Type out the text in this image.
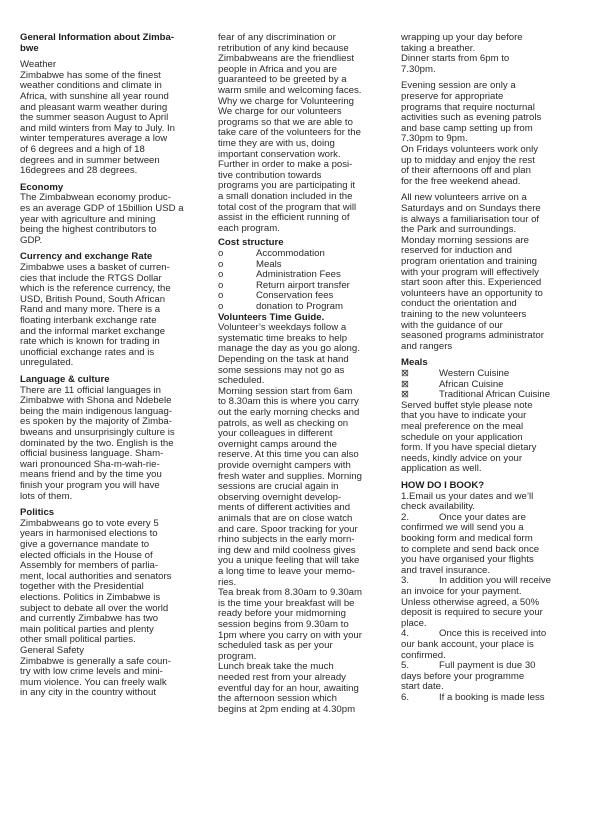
General Information about Zimba-
bwe
Weather
Zimbabwe has some of the finest
weather conditions and climate in
Africa, with sunshine all year round
and pleasant warm weather during
the summer season August to April
and mild winters from May to July. In
winter temperatures average a low
of 6 degrees and a high of 18
degrees and in summer between
16degrees and 28 degrees.
Economy
The Zimbabwean economy produc-
es an average GDP of 15billion USD a
year with agriculture and mining
being the highest contributors to
GDP.
Currency and exchange Rate
Zimbabwe uses a basket of curren-
cies that include the RTGS Dollar
which is the reference currency, the
USD, British Pound, South African
Rand and many more. There is a
floating interbank exchange rate
and the informal market exchange
rate which is known for trading in
unofficial exchange rates and is
unregulated.
Language & culture
There are 11 official languages in
Zimbabwe with Shona and Ndebele
being the main indigenous languag-
es spoken by the majority of Zimba-
bweans and unsurprisingly culture is
dominated by the two. English is the
official business language. Sham-
wari pronounced Sha-m-wah-rie-
means friend and by the time you
finish your program you will have
lots of them.
Politics
Zimbabweans go to vote every 5
years in harmonised elections to
give a governance mandate to
elected officials in the House of
Assembly for members of parlia-
ment, local authorities and senators
together with the Presidential
elections. Politics in Zimbabwe is
subject to debate all over the world
and currently Zimbabwe has two
main political parties and plenty
other small political parties.
General Safety
Zimbabwe is generally a safe coun-
try with low crime levels and mini-
mum violence. You can freely walk
in any city in the country without
fear of any discrimination or
retribution of any kind because
Zimbabweans are the friendliest
people in Africa and you are
guaranteed to be greeted by a
warm smile and welcoming faces.
Why we charge for Volunteering
We charge for our volunteers
programs so that we are able to
take care of the volunteers for the
time they are with us, doing
important conservation work.
Further in order to make a posi-
tive contribution towards
programs you are participating it
a small donation included in the
total cost of the program that will
assist in the efficient running of
each program.
Cost structure
o	Accommodation
o	Meals
o	Administration Fees
o	Return airport transfer
o	Conservation fees
o	donation to Program
Volunteers Time Guide.
Volunteer’s weekdays follow a
systematic time breaks to help
manage the day as you go along.
Depending on the task at hand
some sessions may not go as
scheduled.
Morning session start from 6am
to 8.30am this is where you carry
out the early morning checks and
patrols, as well as checking on
your colleagues in different
overnight camps around the
reserve. At this time you can also
provide overnight campers with
fresh water and supplies. Morning
sessions are crucial again in
observing overnight develop-
ments of different activities and
animals that are on close watch
and care. Spoor tracking for your
rhino subjects in the early morn-
ing dew and mild coolness gives
you a unique feeling that will take
a long time to leave your memo-
ries.
Tea break from 8.30am to 9.30am
is the time your breakfast will be
ready before your midmorning
session begins from 9.30am to
1pm where you carry on with your
scheduled task as per your
program.
Lunch break take the much
needed rest from your already
eventful day for an hour, awaiting
the afternoon session which
begins at 2pm ending at 4.30pm
wrapping up your day before
taking a breather.
Dinner starts from 6pm to
7.30pm.
Evening session are only a
preserve for appropriate
programs that require nocturnal
activities such as evening patrols
and base camp setting up from
7.30pm to 9pm.
On Fridays volunteers work only
up to midday and enjoy the rest
of their afternoons off and plan
for the free weekend ahead.
All new volunteers arrive on a
Saturdays and on Sundays there
is always a familiarisation tour of
the Park and surroundings.
Monday morning sessions are
reserved for induction and
program orientation and training
with your program will effectively
start soon after this. Experienced
volunteers have an opportunity to
conduct the orientation and
training to the new volunteers
with the guidance of our
seasoned programs administrator
and rangers
Meals
⊠	Western Cuisine
⊠	African Cuisine
⊠	Traditional African Cuisine
Served buffet style please note
that you have to indicate your
meal preference on the meal
schedule on your application
form. If you have special dietary
needs, kindly advice on your
application as well.
HOW DO I BOOK?
1.Email us your dates and we’ll
check availability.
2.	Once your dates are
confirmed we will send you a
booking form and medical form
to complete and send back once
you have organised your flights
and travel insurance.
3.	In addition you will receive
an invoice for your payment.
Unless otherwise agreed, a 50%
deposit is required to secure your
place.
4.	Once this is received into
our bank account, your place is
confirmed.
5.	Full payment is due 30
days before your programme
start date.
6.	If a booking is made less
